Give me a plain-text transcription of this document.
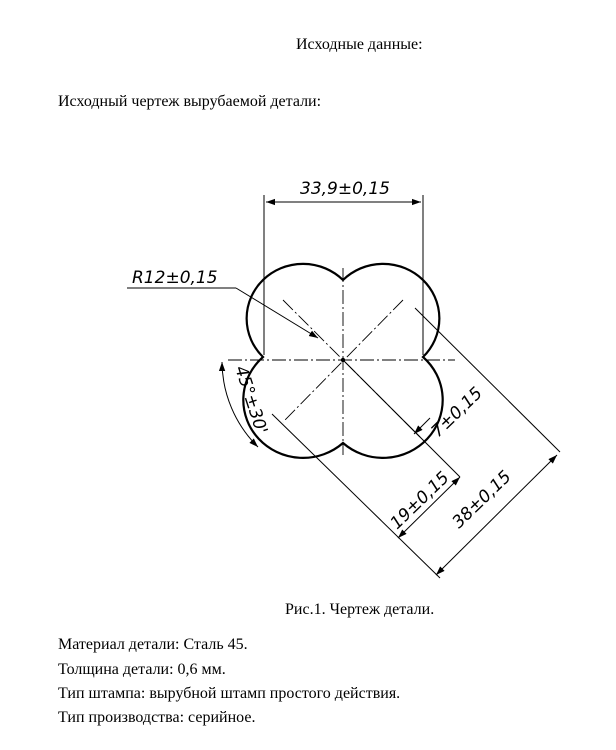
Исходные данные:
Исходный чертеж вырубаемой детали:
33,9±0,15
R12±0,15
45°±30'	7±0,15
19±0,15
38±0,15
Рис.1. Чертеж детали.
Материал детали: Сталь 45.
Толщина детали: 0,6 мм.
Тип штампа: вырубной штамп простого действия.
Тип производства: серийное.
